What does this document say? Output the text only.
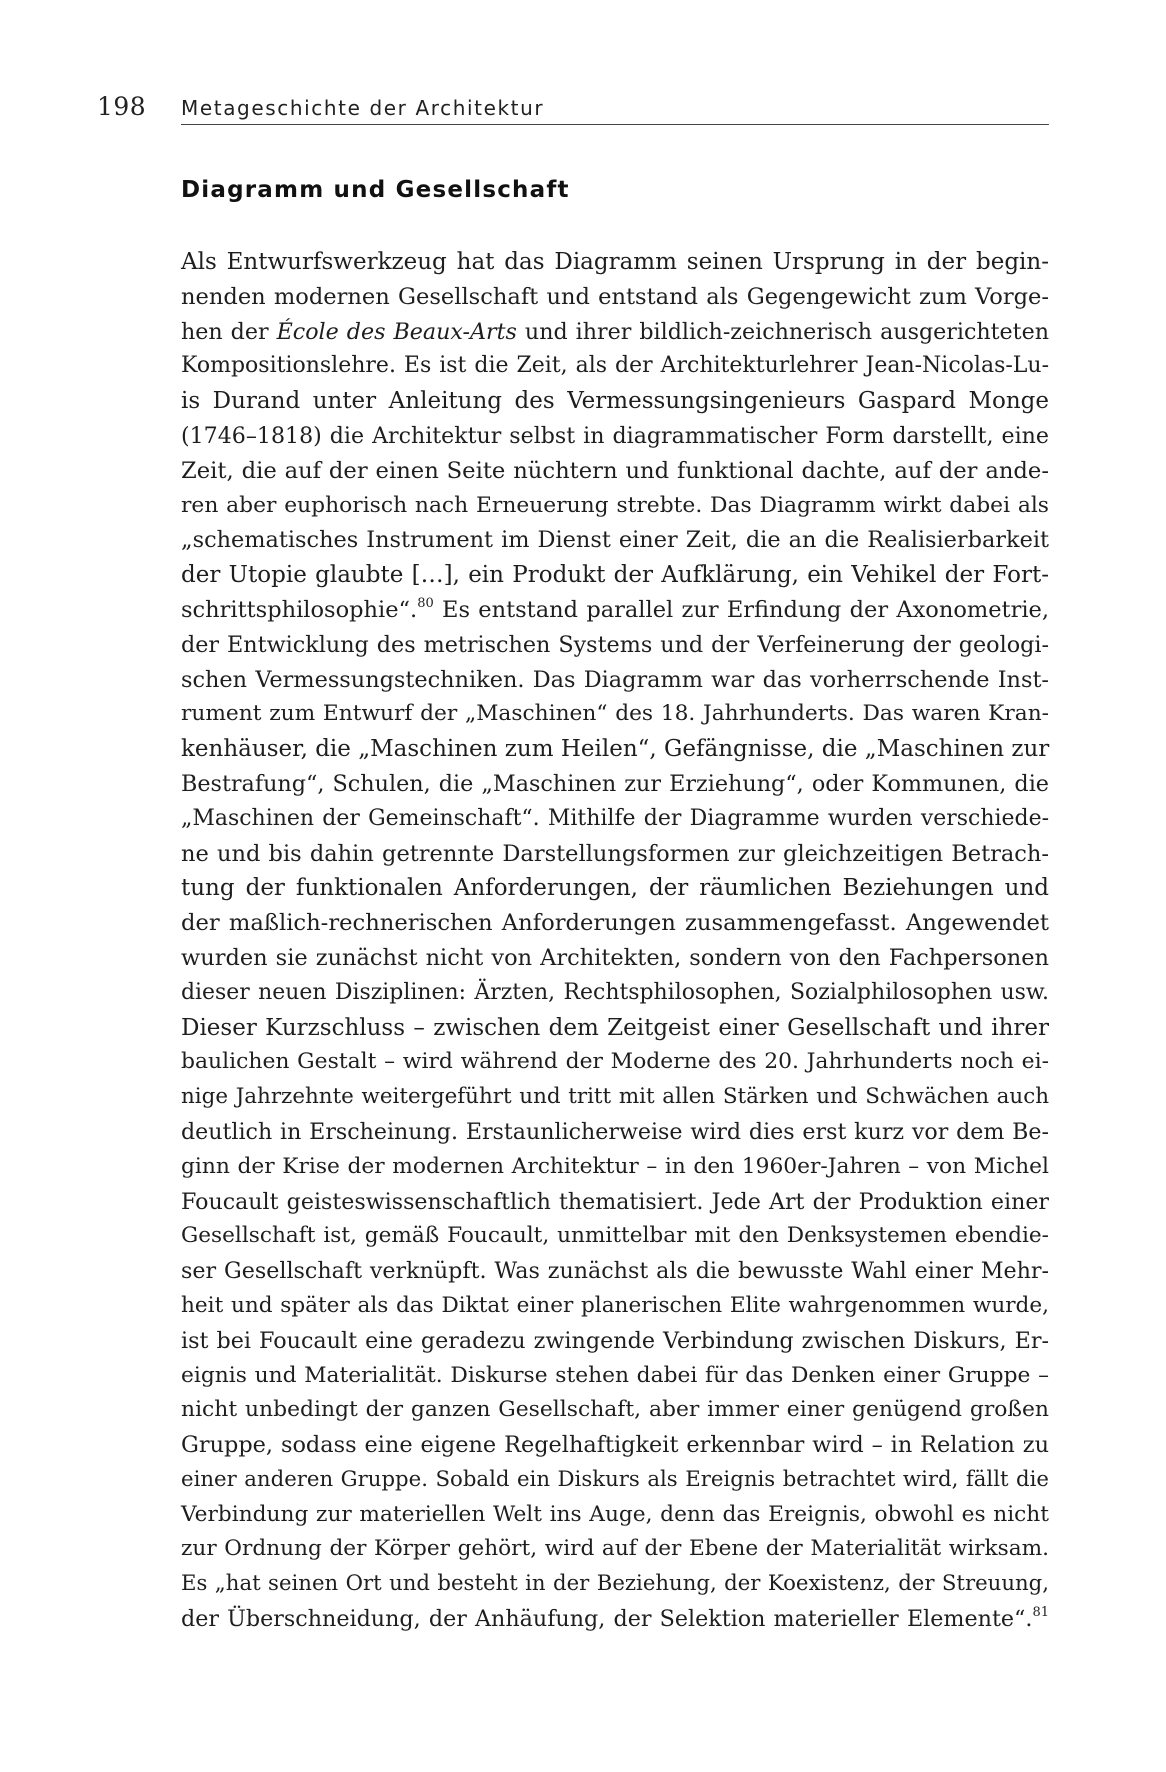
198 Metageschichte der Architektur
Diagramm und Gesellschaft
Als Entwurfswerkzeug hat das Diagramm seinen Ursprung in der begin-
nenden modernen Gesellschaft und entstand als Gegengewicht zum Vorge-
hen der École des Beaux-Arts und ihrer bildlich-zeichnerisch ausgerichteten
Kompositionslehre. Es ist die Zeit, als der Architekturlehrer Jean-Nicolas-Lu-
is Durand unter Anleitung des Vermessungsingenieurs Gaspard Monge
(1746–1818) die Architektur selbst in diagrammatischer Form darstellt, eine
Zeit, die auf der einen Seite nüchtern und funktional dachte, auf der ande-
ren aber euphorisch nach Erneuerung strebte. Das Diagramm wirkt dabei als
„schematisches Instrument im Dienst einer Zeit, die an die Realisierbarkeit
der Utopie glaubte […], ein Produkt der Aufklärung, ein Vehikel der Fort-
schrittsphilosophie“.$^{80}$ Es entstand parallel zur Erfindung der Axonometrie,
der Entwicklung des metrischen Systems und der Verfeinerung der geologi-
schen Vermessungstechniken. Das Diagramm war das vorherrschende Inst-
rument zum Entwurf der „Maschinen“ des 18. Jahrhunderts. Das waren Kran-
kenhäuser, die „Maschinen zum Heilen“, Gefängnisse, die „Maschinen zur
Bestrafung“, Schulen, die „Maschinen zur Erziehung“, oder Kommunen, die
„Maschinen der Gemeinschaft“. Mithilfe der Diagramme wurden verschiede-
ne und bis dahin getrennte Darstellungsformen zur gleichzeitigen Betrach-
tung der funktionalen Anforderungen, der räumlichen Beziehungen und
der maßlich-rechnerischen Anforderungen zusammengefasst. Angewendet
wurden sie zunächst nicht von Architekten, sondern von den Fachpersonen
dieser neuen Disziplinen: Ärzten, Rechtsphilosophen, Sozialphilosophen usw.
Dieser Kurzschluss – zwischen dem Zeitgeist einer Gesellschaft und ihrer
baulichen Gestalt – wird während der Moderne des 20. Jahrhunderts noch ei-
nige Jahrzehnte weitergeführt und tritt mit allen Stärken und Schwächen auch
deutlich in Erscheinung. Erstaunlicherweise wird dies erst kurz vor dem Be-
ginn der Krise der modernen Architektur – in den 1960er-Jahren – von Michel
Foucault geisteswissenschaftlich thematisiert. Jede Art der Produktion einer
Gesellschaft ist, gemäß Foucault, unmittelbar mit den Denksystemen ebendie-
ser Gesellschaft verknüpft. Was zunächst als die bewusste Wahl einer Mehr-
heit und später als das Diktat einer planerischen Elite wahrgenommen wurde,
ist bei Foucault eine geradezu zwingende Verbindung zwischen Diskurs, Er-
eignis und Materialität. Diskurse stehen dabei für das Denken einer Gruppe –
nicht unbedingt der ganzen Gesellschaft, aber immer einer genügend großen
Gruppe, sodass eine eigene Regelhaftigkeit erkennbar wird – in Relation zu
einer anderen Gruppe. Sobald ein Diskurs als Ereignis betrachtet wird, fällt die
Verbindung zur materiellen Welt ins Auge, denn das Ereignis, obwohl es nicht
zur Ordnung der Körper gehört, wird auf der Ebene der Materialität wirksam.
Es „hat seinen Ort und besteht in der Beziehung, der Koexistenz, der Streuung,
der Überschneidung, der Anhäufung, der Selektion materieller Elemente“.$^{81}$
